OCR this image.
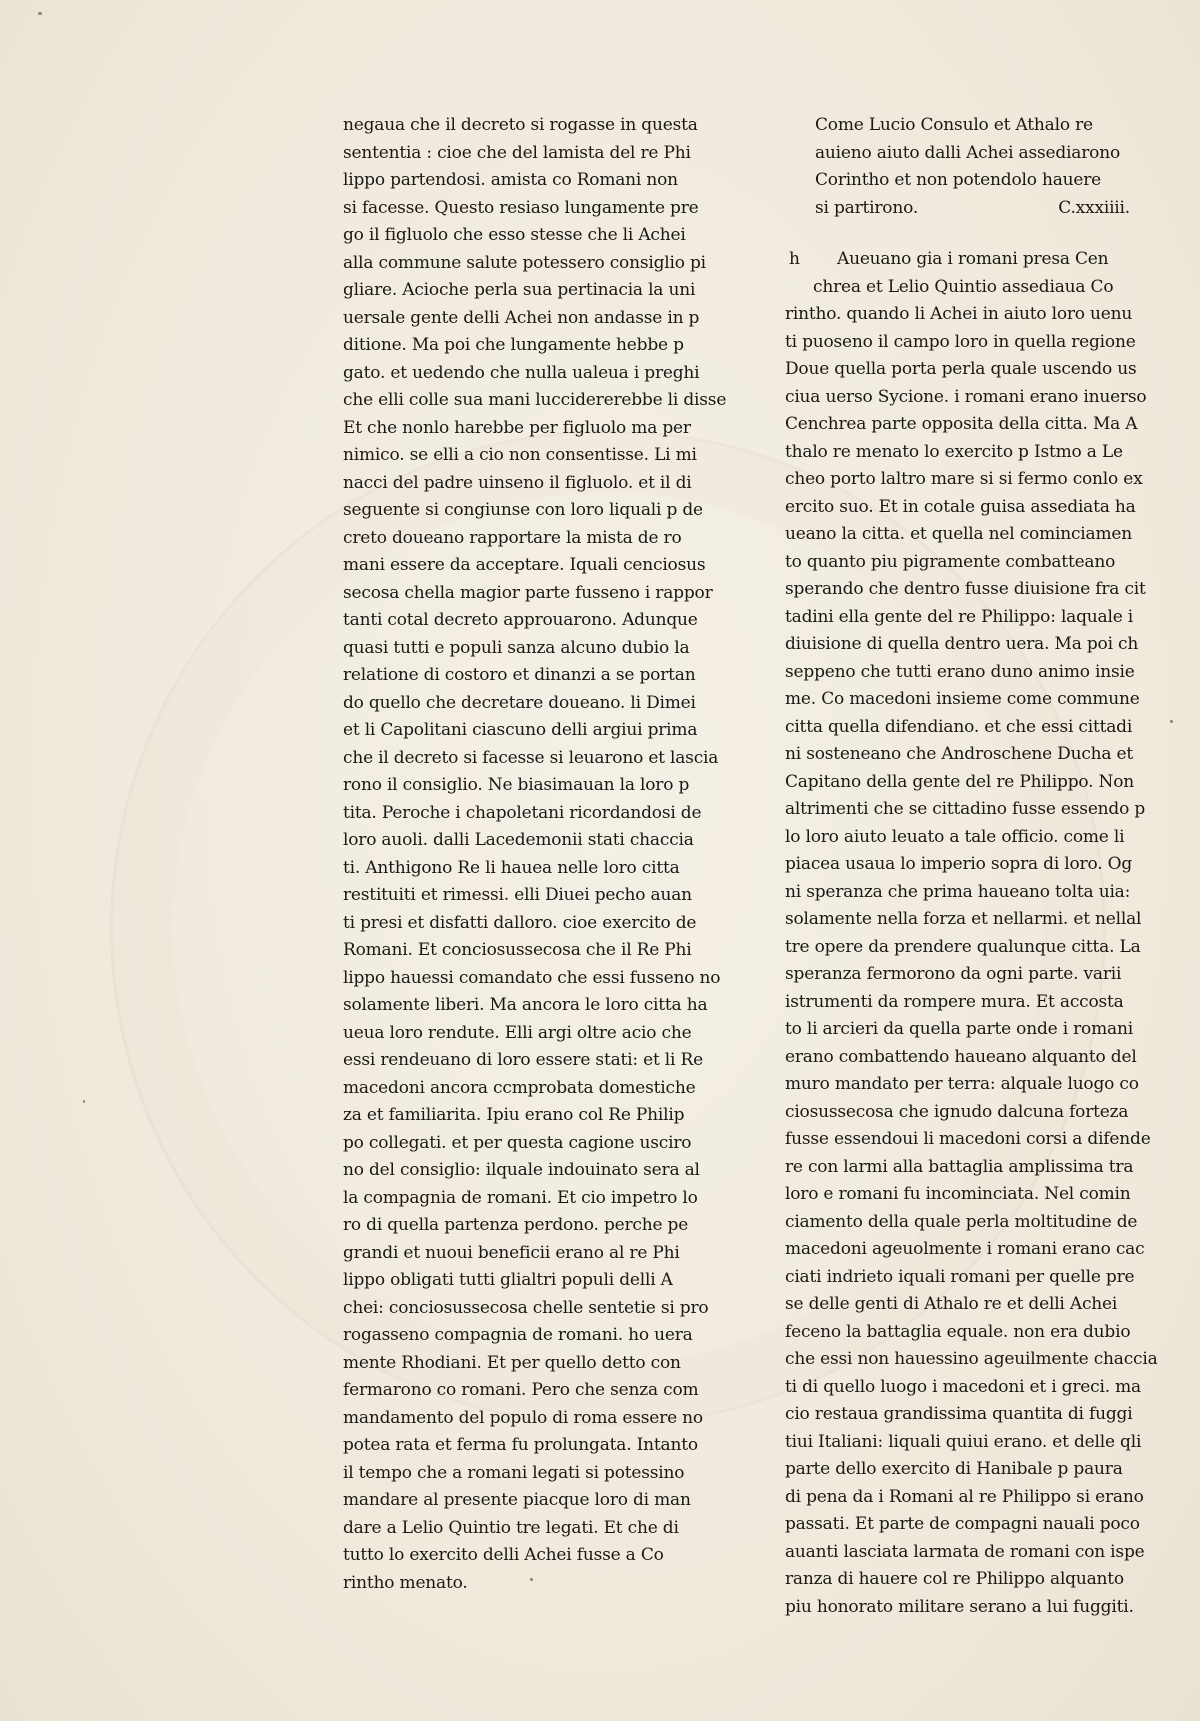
negaua che il decreto si rogasse in questa
sententia : cioe che del lamista del re Phi
lippo partendosi. amista co Romani non
si facesse. Questo resiaso lungamente pre
go il figluolo che esso stesse che li Achei
alla commune salute potessero consiglio pi
gliare. Acioche perla sua pertinacia la uni
uersale gente delli Achei non andasse in p
ditione. Ma poi che lungamente hebbe p
gato. et uedendo che nulla ualeua i preghi
che elli colle sua mani luccidererebbe li disse
Et che nonlo harebbe per figluolo ma per
nimico. se elli a cio non consentisse. Li mi
nacci del padre uinseno il figluolo. et il di
seguente si congiunse con loro liquali p de
creto doueano rapportare la mista de ro
mani essere da acceptare. Iquali cenciosus
secosa chella magior parte fusseno i rappor
tanti cotal decreto approuarono. Adunque
quasi tutti e populi sanza alcuno dubio la
relatione di costoro et dinanzi a se portan
do quello che decretare doueano. li Dimei
et li Capolitani ciascuno delli argiui prima
che il decreto si facesse si leuarono et lascia
rono il consiglio. Ne biasimauan la loro p
tita. Peroche i chapoletani ricordandosi de
loro auoli. dalli Lacedemonii stati chaccia
ti. Anthigono Re li hauea nelle loro citta
restituiti et rimessi. elli Diuei pecho auan
ti presi et disfatti dalloro. cioe exercito de
Romani. Et conciosussecosa che il Re Phi
lippo hauessi comandato che essi fusseno no
solamente liberi. Ma ancora le loro citta ha
ueua loro rendute. Elli argi oltre acio che
essi rendeuano di loro essere stati: et li Re
macedoni ancora ccmprobata domestiche
za et familiarita. Ipiu erano col Re Philip
po collegati. et per questa cagione usciro
no del consiglio: ilquale indouinato sera al
la compagnia de romani. Et cio impetro lo
ro di quella partenza perdono. perche pe
grandi et nuoui beneficii erano al re Phi
lippo obligati tutti glialtri populi delli A
chei: conciosussecosa chelle sentetie si pro
rogasseno compagnia de romani. ho uera
mente Rhodiani. Et per quello detto con
fermarono co romani. Pero che senza com
mandamento del populo di roma essere no
potea rata et ferma fu prolungata. Intanto
il tempo che a romani legati si potessino
mandare al presente piacque loro di man
dare a Lelio Quintio tre legati. Et che di
tutto lo exercito delli Achei fusse a Co
rintho menato.
Come Lucio Consulo et Athalo re
auieno aiuto dalli Achei assediarono
Corintho et non potendolo hauere
si partirono.	C.xxxiiii.
h	Aueuano gia i romani presa Cen
chrea et Lelio Quintio assediaua Co
rintho. quando li Achei in aiuto loro uenu
ti puoseno il campo loro in quella regione
Doue quella porta perla quale uscendo us
ciua uerso Sycione. i romani erano inuerso
Cenchrea parte opposita della citta. Ma A
thalo re menato lo exercito p Istmo a Le
cheo porto laltro mare si si fermo conlo ex
ercito suo. Et in cotale guisa assediata ha
ueano la citta. et quella nel cominciamen
to quanto piu pigramente combatteano
sperando che dentro fusse diuisione fra cit
tadini ella gente del re Philippo: laquale i
diuisione di quella dentro uera. Ma poi ch
seppeno che tutti erano duno animo insie
me. Co macedoni insieme come commune
citta quella difendiano. et che essi cittadi
ni sosteneano che Androschene Ducha et
Capitano della gente del re Philippo. Non
altrimenti che se cittadino fusse essendo p
lo loro aiuto leuato a tale officio. come li
piacea usaua lo imperio sopra di loro. Og
ni speranza che prima haueano tolta uia:
solamente nella forza et nellarmi. et nellal
tre opere da prendere qualunque citta. La
speranza fermorono da ogni parte. varii
istrumenti da rompere mura. Et accosta
to li arcieri da quella parte onde i romani
erano combattendo haueano alquanto del
muro mandato per terra: alquale luogo co
ciosussecosa che ignudo dalcuna forteza
fusse essendoui li macedoni corsi a difende
re con larmi alla battaglia amplissima tra
loro e romani fu incominciata. Nel comin
ciamento della quale perla moltitudine de
macedoni ageuolmente i romani erano cac
ciati indrieto iquali romani per quelle pre
se delle genti di Athalo re et delli Achei
feceno la battaglia equale. non era dubio
che essi non hauessino ageuilmente chaccia
ti di quello luogo i macedoni et i greci. ma
cio restaua grandissima quantita di fuggi
tiui Italiani: liquali quiui erano. et delle qli
parte dello exercito di Hanibale p paura
di pena da i Romani al re Philippo si erano
passati. Et parte de compagni nauali poco
auanti lasciata larmata de romani con ispe
ranza di hauere col re Philippo alquanto
piu honorato militare serano a lui fuggiti.
